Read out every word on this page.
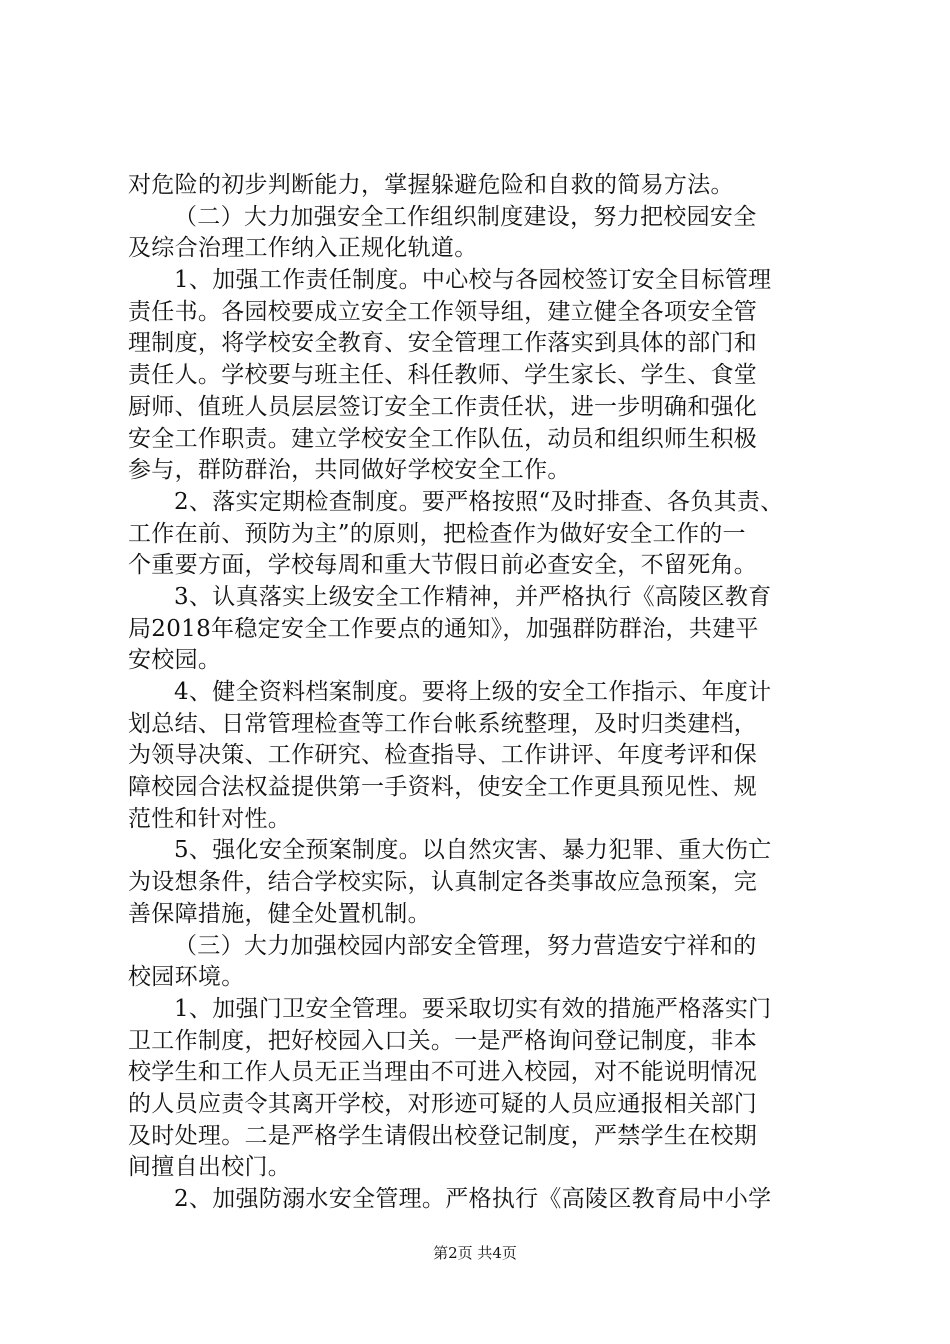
对危险的初步判断能力，掌握躲避危险和自救的简易方法。
（二）大力加强安全工作组织制度建设，努力把校园安全
及综合治理工作纳入正规化轨道。
1、加强工作责任制度。中心校与各园校签订安全目标管理
责任书。各园校要成立安全工作领导组，建立健全各项安全管
理制度，将学校安全教育、安全管理工作落实到具体的部门和
责任人。学校要与班主任、科任教师、学生家长、学生、食堂
厨师、值班人员层层签订安全工作责任状，进一步明确和强化
安全工作职责。建立学校安全工作队伍，动员和组织师生积极
参与，群防群治，共同做好学校安全工作。
2、落实定期检查制度。要严格按照“及时排查、各负其责、
工作在前、预防为主”的原则，把检查作为做好安全工作的一
个重要方面，学校每周和重大节假日前必查安全，不留死角。
3、认真落实上级安全工作精神，并严格执行《高陵区教育
局2018年稳定安全工作要点的通知》，加强群防群治，共建平
安校园。
4、健全资料档案制度。要将上级的安全工作指示、年度计
划总结、日常管理检查等工作台帐系统整理，及时归类建档，
为领导决策、工作研究、检查指导、工作讲评、年度考评和保
障校园合法权益提供第一手资料，使安全工作更具预见性、规
范性和针对性。
5、强化安全预案制度。以自然灾害、暴力犯罪、重大伤亡
为设想条件，结合学校实际，认真制定各类事故应急预案，完
善保障措施，健全处置机制。
（三）大力加强校园内部安全管理，努力营造安宁祥和的
校园环境。
1、加强门卫安全管理。要采取切实有效的措施严格落实门
卫工作制度，把好校园入口关。一是严格询问登记制度，非本
校学生和工作人员无正当理由不可进入校园，对不能说明情况
的人员应责令其离开学校，对形迹可疑的人员应通报相关部门
及时处理。二是严格学生请假出校登记制度，严禁学生在校期
间擅自出校门。
2、加强防溺水安全管理。严格执行《高陵区教育局中小学
第2页 共4页
